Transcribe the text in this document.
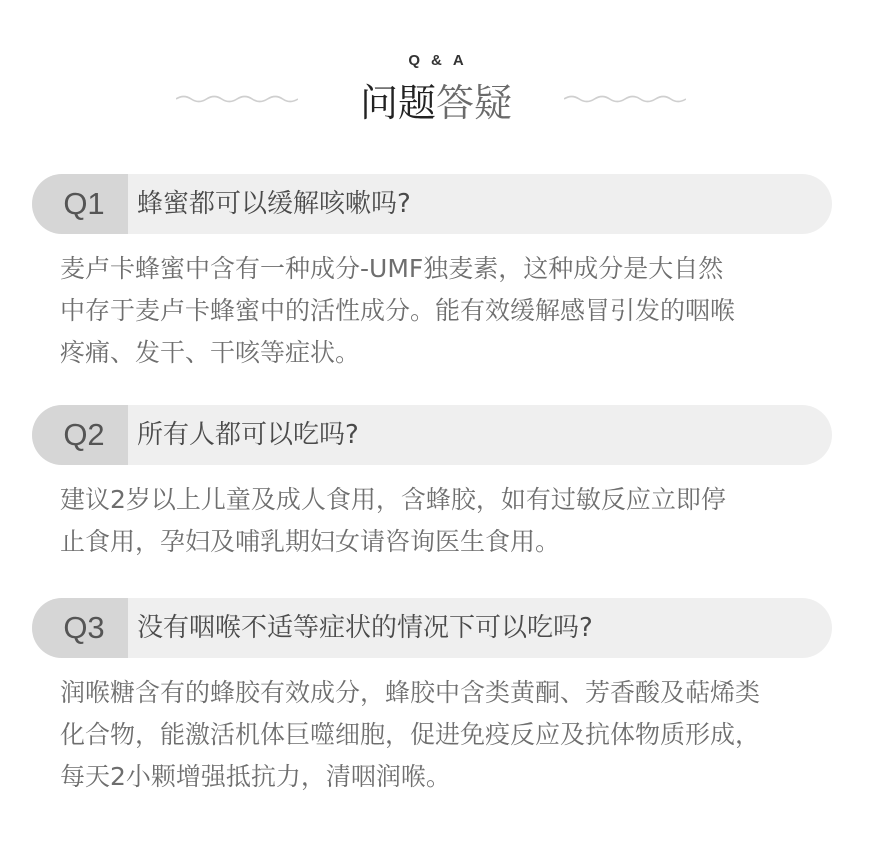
Q&A
问题答疑
Q1	蜂蜜都可以缓解咳嗽吗?
麦卢卡蜂蜜中含有一种成分-UMF独麦素，这种成分是大自然
中存于麦卢卡蜂蜜中的活性成分。能有效缓解感冒引发的咽喉
疼痛、发干、干咳等症状。
Q2	所有人都可以吃吗?
建议2岁以上儿童及成人食用，含蜂胶，如有过敏反应立即停
止食用，孕妇及哺乳期妇女请咨询医生食用。
Q3	没有咽喉不适等症状的情况下可以吃吗?
润喉糖含有的蜂胶有效成分，蜂胶中含类黄酮、芳香酸及萜烯类
化合物，能激活机体巨噬细胞，促进免疫反应及抗体物质形成，
每天2小颗增强抵抗力，清咽润喉。
